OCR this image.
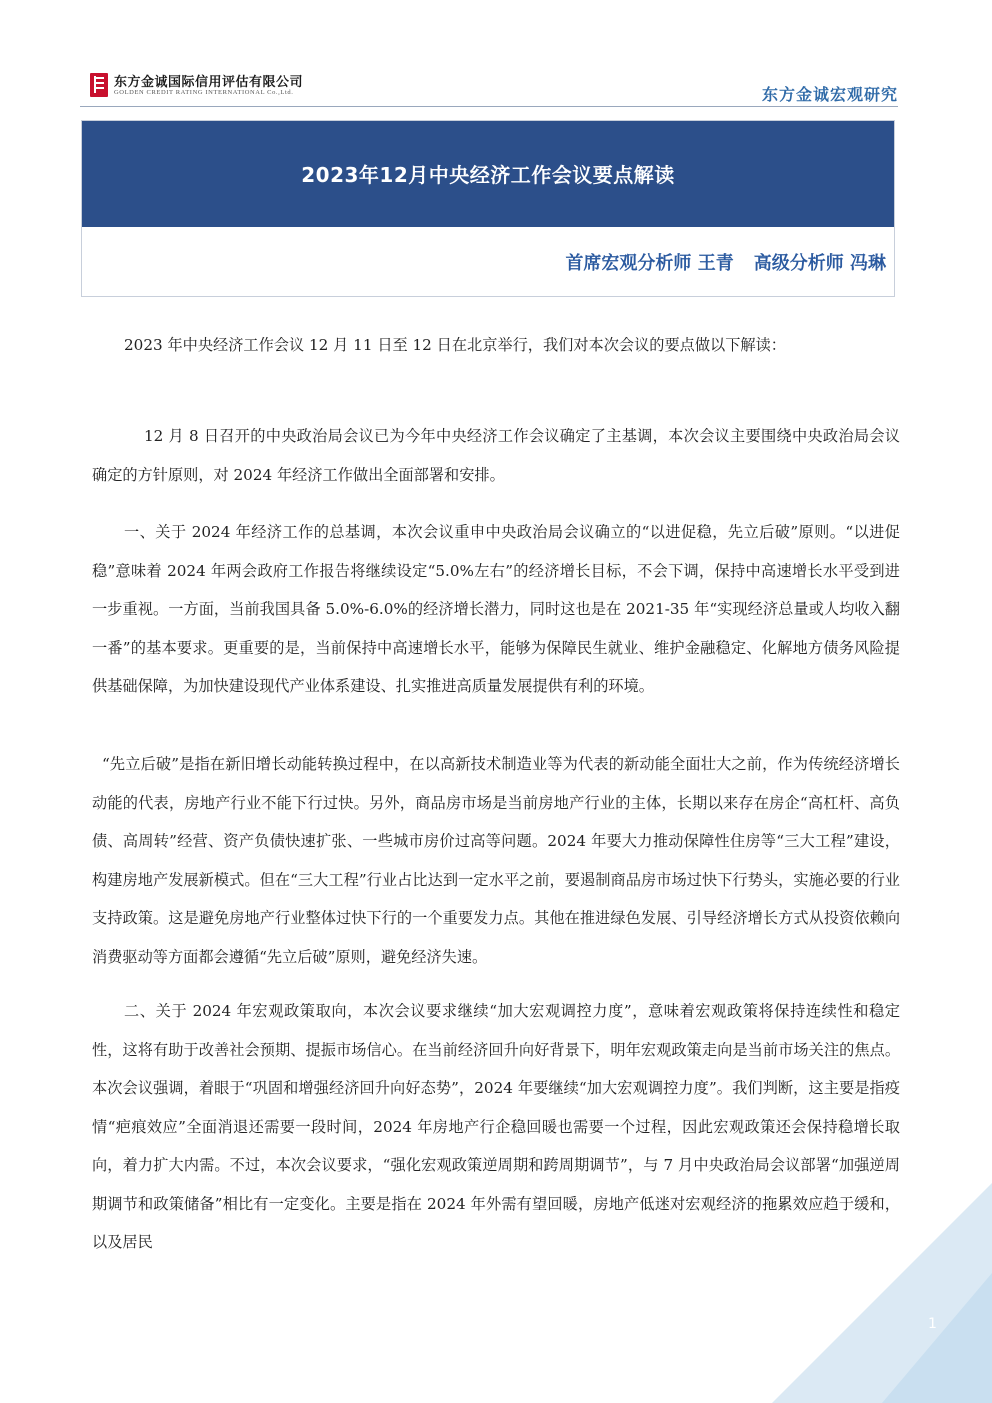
东方金诚国际信用评估有限公司
GOLDEN CREDIT RATING INTERNATIONAL Co.,Ltd.	东方金诚宏观研究
2023年12月中央经济工作会议要点解读
首席宏观分析师 王青 高级分析师 冯琳
2023 年中央经济工作会议 12 月 11 日至 12 日在北京举行，我们对本次会议的要点做以下解读：
12 月 8 日召开的中央政治局会议已为今年中央经济工作会议确定了主基调，本次会议主要围绕中央政治局会议确定的方针原则，对 2024 年经济工作做出全面部署和安排。
一、关于 2024 年经济工作的总基调，本次会议重申中央政治局会议确立的“以进促稳，先立后破”原则。“以进促稳”意味着 2024 年两会政府工作报告将继续设定“5.0%左右”的经济增长目标，不会下调，保持中高速增长水平受到进一步重视。一方面，当前我国具备 5.0%-6.0%的经济增长潜力，同时这也是在 2021-35 年“实现经济总量或人均收入翻一番”的基本要求。更重要的是，当前保持中高速增长水平，能够为保障民生就业、维护金融稳定、化解地方债务风险提供基础保障，为加快建设现代产业体系建设、扎实推进高质量发展提供有利的环境。
“先立后破”是指在新旧增长动能转换过程中，在以高新技术制造业等为代表的新动能全面壮大之前，作为传统经济增长动能的代表，房地产行业不能下行过快。另外，商品房市场是当前房地产行业的主体，长期以来存在房企“高杠杆、高负债、高周转”经营、资产负债快速扩张、一些城市房价过高等问题。2024 年要大力推动保障性住房等“三大工程”建设，构建房地产发展新模式。但在“三大工程”行业占比达到一定水平之前，要遏制商品房市场过快下行势头，实施必要的行业支持政策。这是避免房地产行业整体过快下行的一个重要发力点。其他在推进绿色发展、引导经济增长方式从投资依赖向消费驱动等方面都会遵循“先立后破”原则，避免经济失速。
二、关于 2024 年宏观政策取向，本次会议要求继续“加大宏观调控力度”，意味着宏观政策将保持连续性和稳定性，这将有助于改善社会预期、提振市场信心。在当前经济回升向好背景下，明年宏观政策走向是当前市场关注的焦点。本次会议强调，着眼于“巩固和增强经济回升向好态势”，2024 年要继续“加大宏观调控力度”。我们判断，这主要是指疫情“疤痕效应”全面消退还需要一段时间，2024 年房地产行企稳回暖也需要一个过程，因此宏观政策还会保持稳增长取向，着力扩大内需。不过，本次会议要求，“强化宏观政策逆周期和跨周期调节”，与 7 月中央政治局会议部署“加强逆周期调节和政策储备”相比有一定变化。主要是指在 2024 年外需有望回暖，房地产低迷对宏观经济的拖累效应趋于缓和，以及居民
1
